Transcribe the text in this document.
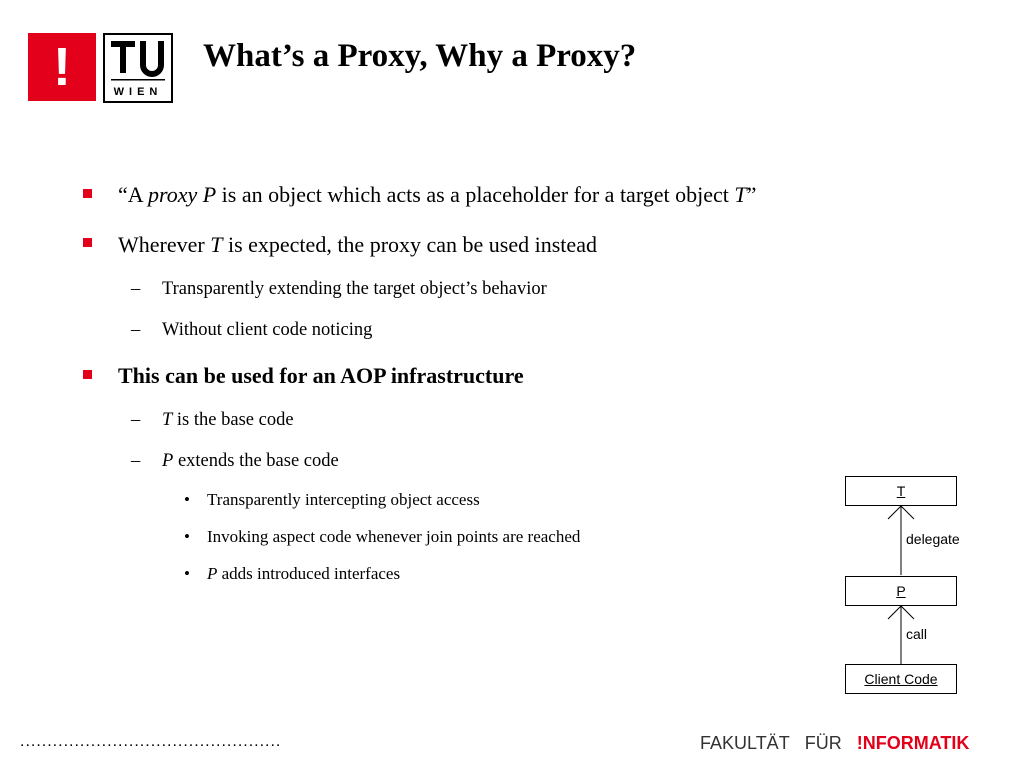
!	WIEN
What’s a Proxy, Why a Proxy?
“A proxy P is an object which acts as a placeholder for a target object T”
Wherever T is expected, the proxy can be used instead
– Transparently extending the target object’s behavior
– Without client code noticing
This can be used for an AOP infrastructure
– T is the base code
– P extends the base code
• Transparently intercepting object access
• Invoking aspect code whenever join points are reached
• P adds introduced interfaces
T
P
Client Code
delegate
call
................................................	FAKULTÄT FÜR !NFORMATIK
